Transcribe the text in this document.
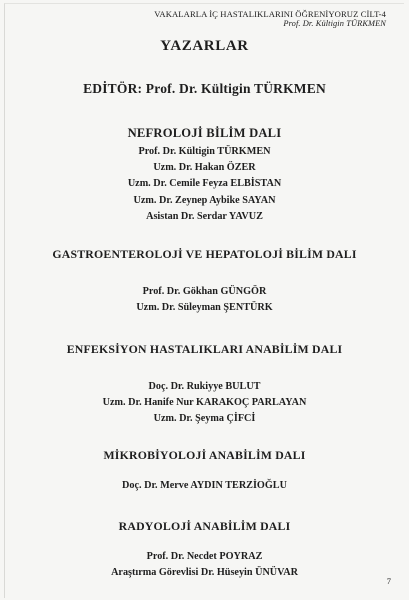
VAKALARLA İÇ HASTALIKLARINI ÖĞRENİYORUZ CİLT-4
Prof. Dr. Kültigin TÜRKMEN
YAZARLAR
EDİTÖR: Prof. Dr. Kültigin TÜRKMEN
NEFROLOJİ BİLİM DALI
Prof. Dr. Kültigin TÜRKMEN
Uzm. Dr. Hakan ÖZER
Uzm. Dr. Cemile Feyza ELBİSTAN
Uzm. Dr. Zeynep Aybike SAYAN
Asistan Dr. Serdar YAVUZ
GASTROENTEROLOJİ VE HEPATOLOJİ BİLİM DALI
Prof. Dr. Gökhan GÜNGÖR
Uzm. Dr. Süleyman ŞENTÜRK
ENFEKSİYON HASTALIKLARI ANABİLİM DALI
Doç. Dr. Rukiyye BULUT
Uzm. Dr. Hanife Nur KARAKOÇ PARLAYAN
Uzm. Dr. Şeyma ÇİFCİ
MİKROBİYOLOJİ ANABİLİM DALI
Doç. Dr. Merve AYDIN TERZİOĞLU
RADYOLOJİ ANABİLİM DALI
Prof. Dr. Necdet POYRAZ
Araştırma Görevlisi Dr. Hüseyin ÜNÜVAR
7
